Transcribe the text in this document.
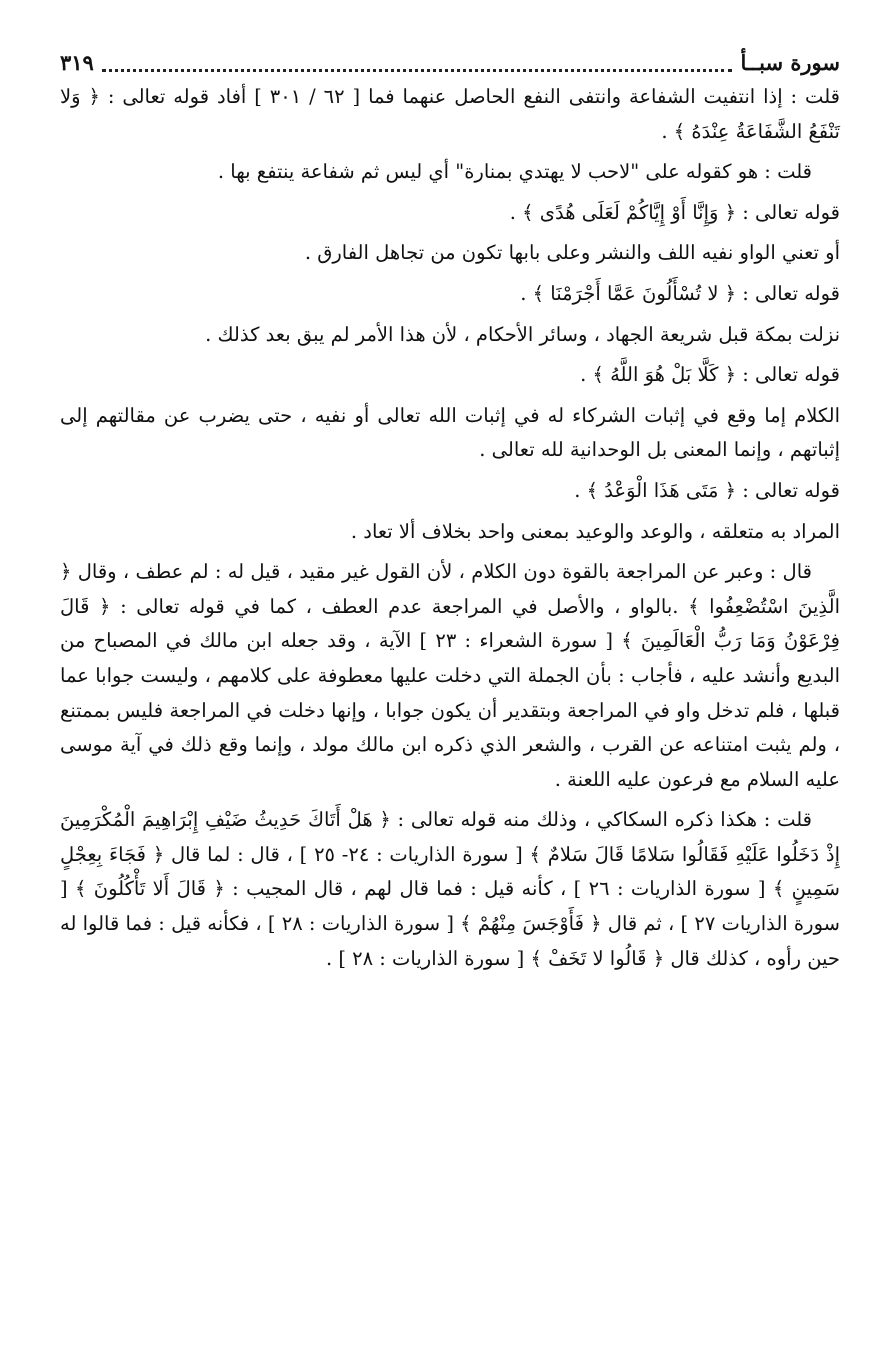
سورة سبــأ
٣١٩

قلت : إذا انتفيت الشفاعة وانتفى النفع الحاصل عنهما فما [ ٦٢ / ٣٠١ ] أفاد قوله تعالى : ﴿ وَلا تَنْفَعُ الشَّفَاعَةُ عِنْدَهُ ﴾ .

قلت : هو كقوله على "لاحب لا يهتدي بمنارة" أي ليس ثم شفاعة ينتفع بها .

قوله تعالى : ﴿ وَإِنَّا أَوْ إِيَّاكُمْ لَعَلَى هُدًى ﴾ .

أو تعني الواو نفيه اللف والنشر وعلى بابها تكون من تجاهل الفارق .

قوله تعالى : ﴿ لا تُسْأَلُونَ عَمَّا أَجْرَمْنَا ﴾ .

نزلت بمكة قبل شريعة الجهاد ، وسائر الأحكام ، لأن هذا الأمر لم يبق بعد كذلك .

قوله تعالى : ﴿ كَلَّا بَلْ هُوَ اللَّهُ ﴾ .

الكلام إما وقع في إثبات الشركاء له في إثبات الله تعالى أو نفيه ، حتى يضرب عن مقالتهم إلى إثباتهم ، وإنما المعنى بل الوحدانية لله تعالى .

قوله تعالى : ﴿ مَتَى هَذَا الْوَعْدُ ﴾ .

المراد به متعلقه ، والوعد والوعيد بمعنى واحد بخلاف ألا تعاد .

قال : وعبر عن المراجعة بالقوة دون الكلام ، لأن القول غير مقيد ، قيل له : لم عطف ، وقال ﴿ الَّذِينَ اسْتُضْعِفُوا ﴾ .بالواو ، والأصل في المراجعة عدم العطف ، كما في قوله تعالى : ﴿ قَالَ فِرْعَوْنُ وَمَا رَبُّ الْعَالَمِينَ ﴾ [ سورة الشعراء : ٢٣ ] الآية ، وقد جعله ابن مالك في المصباح من البديع وأنشد عليه ، فأجاب : بأن الجملة التي دخلت عليها معطوفة على كلامهم ، وليست جوابا عما قبلها ، فلم تدخل واو في المراجعة وبتقدير أن يكون جوابا ، وإنها دخلت في المراجعة فليس بممتنع ، ولم يثبت امتناعه عن القرب ، والشعر الذي ذكره ابن مالك مولد ، وإنما وقع ذلك في آية موسى عليه السلام مع فرعون عليه اللعنة .

قلت : هكذا ذكره السكاكي ، وذلك منه قوله تعالى : ﴿ هَلْ أَتَاكَ حَدِيثُ ضَيْفِ إِبْرَاهِيمَ الْمُكْرَمِينَ إِذْ دَخَلُوا عَلَيْهِ فَقَالُوا سَلامًا قَالَ سَلامٌ ﴾ [ سورة الذاريات : ٢٤- ٢٥ ] ، قال : لما قال ﴿ فَجَاءَ بِعِجْلٍ سَمِينٍ ﴾ [ سورة الذاريات : ٢٦ ] ، كأنه قيل : فما قال لهم ، قال المجيب : ﴿ قَالَ أَلا تَأْكُلُونَ ﴾ [ سورة الذاريات ٢٧ ] ، ثم قال ﴿ فَأَوْجَسَ مِنْهُمْ ﴾ [ سورة الذاريات : ٢٨ ] ، فكأنه قيل : فما قالوا له حين رأوه ، كذلك قال ﴿ قَالُوا لا تَخَفْ ﴾ [ سورة الذاريات : ٢٨ ] .
